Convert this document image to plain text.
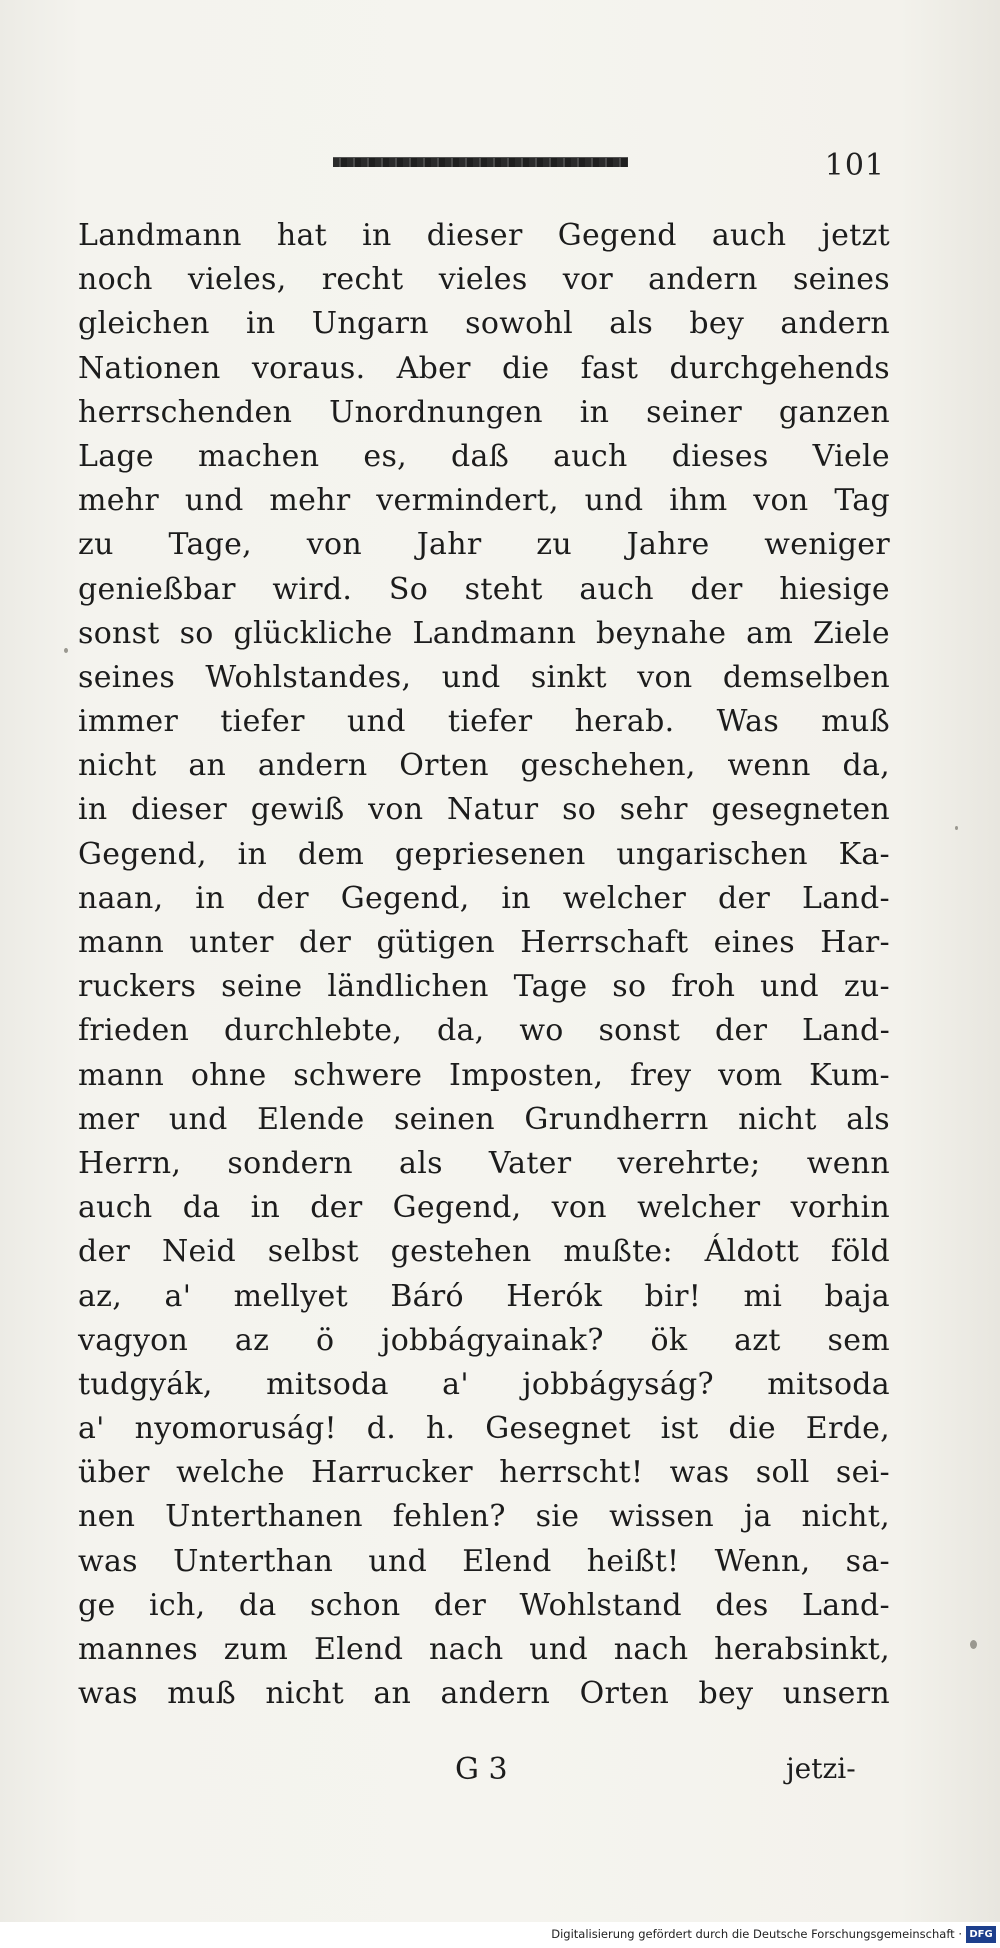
101
Landmann hat in dieser Gegend auch jetzt
noch vieles, recht vieles vor andern seines
gleichen in Ungarn sowohl als bey andern
Nationen voraus. Aber die fast durchgehends
herrschenden Unordnungen in seiner ganzen
Lage machen es, daß auch dieses Viele
mehr und mehr vermindert, und ihm von Tag
zu Tage, von Jahr zu Jahre weniger
genießbar wird. So steht auch der hiesige
sonst so glückliche Landmann beynahe am Ziele
seines Wohlstandes, und sinkt von demselben
immer tiefer und tiefer herab. Was muß
nicht an andern Orten geschehen, wenn da,
in dieser gewiß von Natur so sehr gesegneten
Gegend, in dem gepriesenen ungarischen Ka-
naan, in der Gegend, in welcher der Land-
mann unter der gütigen Herrschaft eines Har-
ruckers seine ländlichen Tage so froh und zu-
frieden durchlebte, da, wo sonst der Land-
mann ohne schwere Imposten, frey vom Kum-
mer und Elende seinen Grundherrn nicht als
Herrn, sondern als Vater verehrte; wenn
auch da in der Gegend, von welcher vorhin
der Neid selbst gestehen mußte: Áldott föld
az, a' mellyet Báró Herók bir! mi baja
vagyon az ö jobbágyainak? ök azt sem
tudgyák, mitsoda a' jobbágyság? mitsoda
a' nyomoruság! d. h. Gesegnet ist die Erde,
über welche Harrucker herrscht! was soll sei-
nen Unterthanen fehlen? sie wissen ja nicht,
was Unterthan und Elend heißt! Wenn, sa-
ge ich, da schon der Wohlstand des Land-
mannes zum Elend nach und nach herabsinkt,
was muß nicht an andern Orten bey unsern
G 3	jetzi-
Digitalisierung gefördert durch die Deutsche Forschungsgemeinschaft · DFG
